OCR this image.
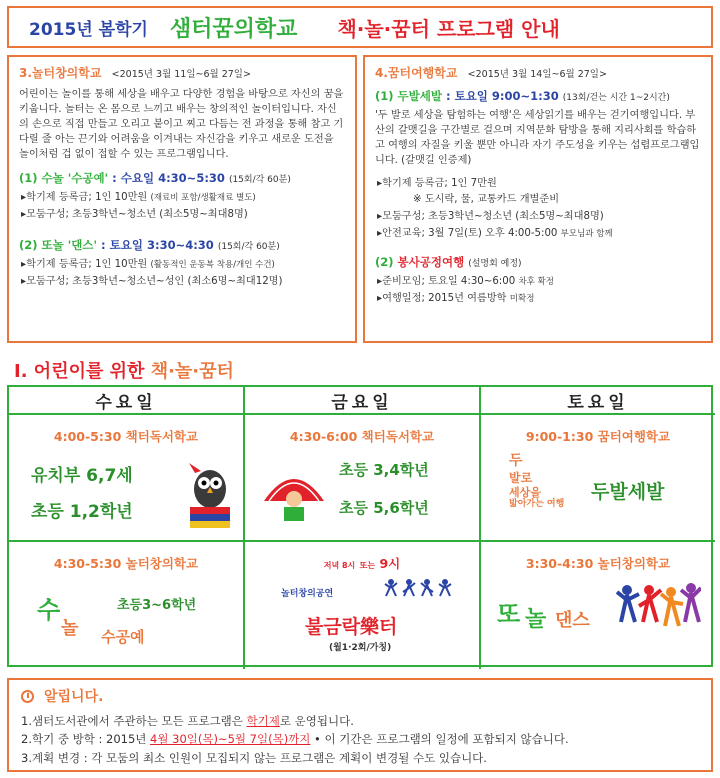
2015년 봄학기 샘터꿈의학교 책·놀·꿈터 프로그램 안내
3.놀터창의학교 <2015년 3월 11일~6월 27일>
어린이는 놀이를 통해 세상을 배우고 다양한 경험을 바탕으로 자신의 꿈을 키웁니다. 놀터는 온 몸으로 느끼고 배우는 창의적인 놀이터입니다. 자신의 손으로 직접 만들고 오리고 붙이고 찌고 다듬는 전 과정을 통해 참고 기다릴 줄 아는 끈기와 어려움을 이겨내는 자신감을 키우고 새로운 도전을 놀이처럼 겁 없이 접할 수 있는 프로그램입니다.
(1) 수놀 '수공예' : 수요일 4:30~5:30 (15회/각 60분)
▸학기제 등록금; 1인 10만원 (재료비 포함/생활재료 별도)
▸모둠구성; 초등3학년~청소년 (최소5명~최대8명)
(2) 또놀 '댄스' : 토요일 3:30~4:30 (15회/각 60분)
▸학기제 등록금; 1인 10만원 (활동적인 운동복 착용/개인 수건)
▸모둠구성; 초등3학년~청소년~성인 (최소6명~최대12명)
4.꿈터여행학교 <2015년 3월 14일~6월 27일>
(1) 두발세발 : 토요일 9:00~1:30 (13회/걷는 시간 1~2시간)
'두 발로 세상을 탐험하는 여행'은 세상읽기를 배우는 걷기여행입니다. 부산의 갈맷길을 구간별로 걸으며 지역문화 탐방을 통해 지리사회를 학습하고 여행의 자질을 키울 뿐만 아니라 자기 주도성을 키우는 섭렵프로그램입니다. (갈맷길 인증제)
▸학기제 등록금; 1인 7만원
※ 도시락, 물, 교통카드 개별준비
▸모둠구성; 초등3학년~청소년 (최소5명~최대8명)
▸안전교육; 3월 7일(토) 오후 4:00-5:00 부모님과 함께
(2) 봉사공정여행 (설명회 예정)
▸준비모임; 토요일 4:30~6:00 차후 확정
▸여행일정; 2015년 여름방학 미확정
Ⅰ. 어린이를 위한 책·놀·꿈터
수요일	금요일	토요일
4:00-5:30 책터독서학교
유치부 6,7세
초등 1,2학년
4:30-6:00 책터독서학교
초등 3,4학년
초등 5,6학년
9:00-1:30 꿈터여행학교
두
발로
세상을
밟아가는 여행
두발세발
4:30-5:30 놀터창의학교
수
놀
초등3~6학년
수공예
저녁 8시 또는 9시
놀터창의공연
불금락樂터
(월1·2회/가칭)
3:30-4:30 놀터창의학교
또 놀 댄스
알립니다.
1.샘터도서관에서 주관하는 모든 프로그램은 학기제로 운영됩니다.
2.학기 중 방학 : 2015년 4월 30일(목)~5월 7일(목)까지 • 이 기간은 프로그램의 일정에 포함되지 않습니다.
3.계획 변경 : 각 모둠의 최소 인원이 모집되지 않는 프로그램은 계획이 변경될 수도 있습니다.
